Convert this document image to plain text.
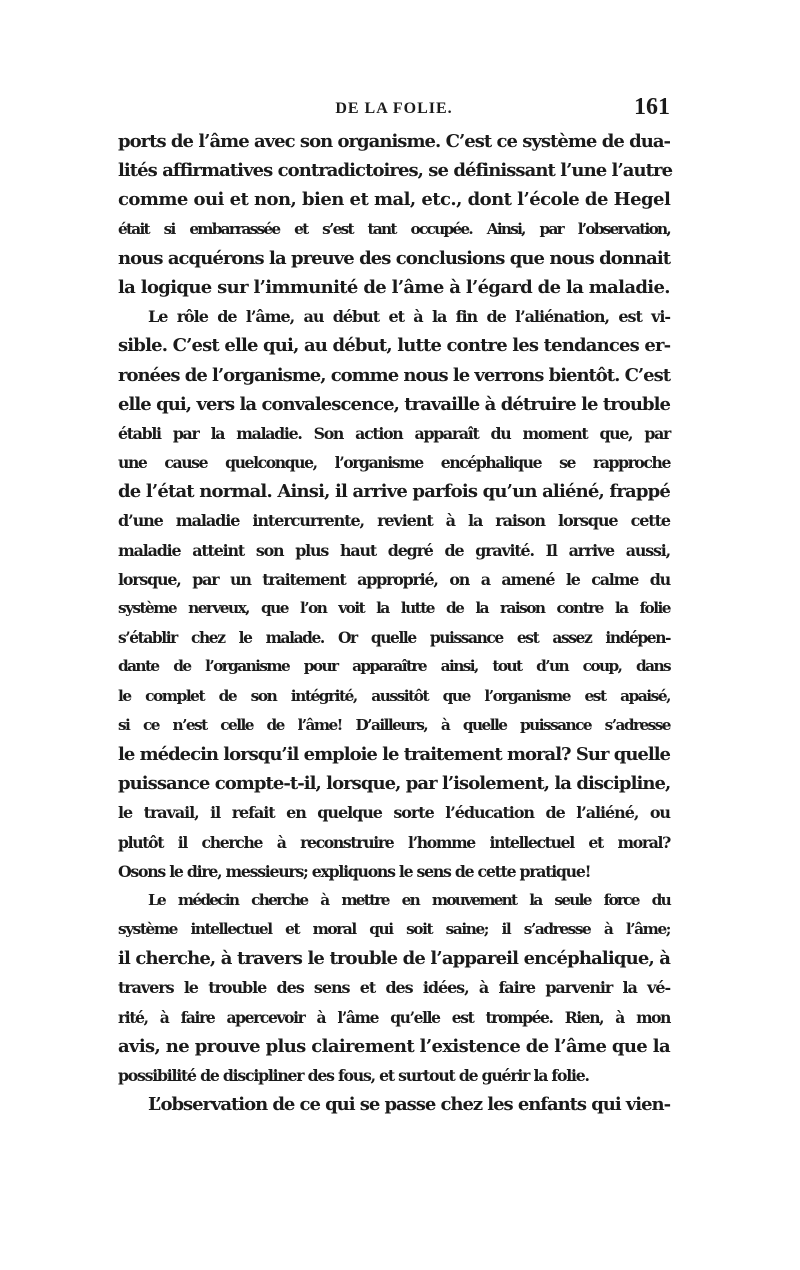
DE LA FOLIE.	161
ports de l’âme avec son organisme. C’est ce système de dua-
lités affirmatives contradictoires, se définissant l’une l’autre
comme oui et non, bien et mal, etc., dont l’école de Hegel
était si embarrassée et s’est tant occupée. Ainsi, par l’observation,
nous acquérons la preuve des conclusions que nous donnait
la logique sur l’immunité de l’âme à l’égard de la maladie.
Le rôle de l’âme, au début et à la fin de l’aliénation, est vi-
sible. C’est elle qui, au début, lutte contre les tendances er-
ronées de l’organisme, comme nous le verrons bientôt. C’est
elle qui, vers la convalescence, travaille à détruire le trouble
établi par la maladie. Son action apparaît du moment que, par
une cause quelconque, l’organisme encéphalique se rapproche
de l’état normal. Ainsi, il arrive parfois qu’un aliéné, frappé
d’une maladie intercurrente, revient à la raison lorsque cette
maladie atteint son plus haut degré de gravité. Il arrive aussi,
lorsque, par un traitement approprié, on a amené le calme du
système nerveux, que l’on voit la lutte de la raison contre la folie
s’établir chez le malade. Or quelle puissance est assez indépen-
dante de l’organisme pour apparaître ainsi, tout d’un coup, dans
le complet de son intégrité, aussitôt que l’organisme est apaisé,
si ce n’est celle de l’âme! D’ailleurs, à quelle puissance s’adresse
le médecin lorsqu’il emploie le traitement moral? Sur quelle
puissance compte-t-il, lorsque, par l’isolement, la discipline,
le travail, il refait en quelque sorte l’éducation de l’aliéné, ou
plutôt il cherche à reconstruire l’homme intellectuel et moral?
Osons le dire, messieurs; expliquons le sens de cette pratique!
Le médecin cherche à mettre en mouvement la seule force du
système intellectuel et moral qui soit saine; il s’adresse à l’âme;
il cherche, à travers le trouble de l’appareil encéphalique, à
travers le trouble des sens et des idées, à faire parvenir la vé-
rité, à faire apercevoir à l’âme qu’elle est trompée. Rien, à mon
avis, ne prouve plus clairement l’existence de l’âme que la
possibilité de discipliner des fous, et surtout de guérir la folie.
L’observation de ce qui se passe chez les enfants qui vien-
